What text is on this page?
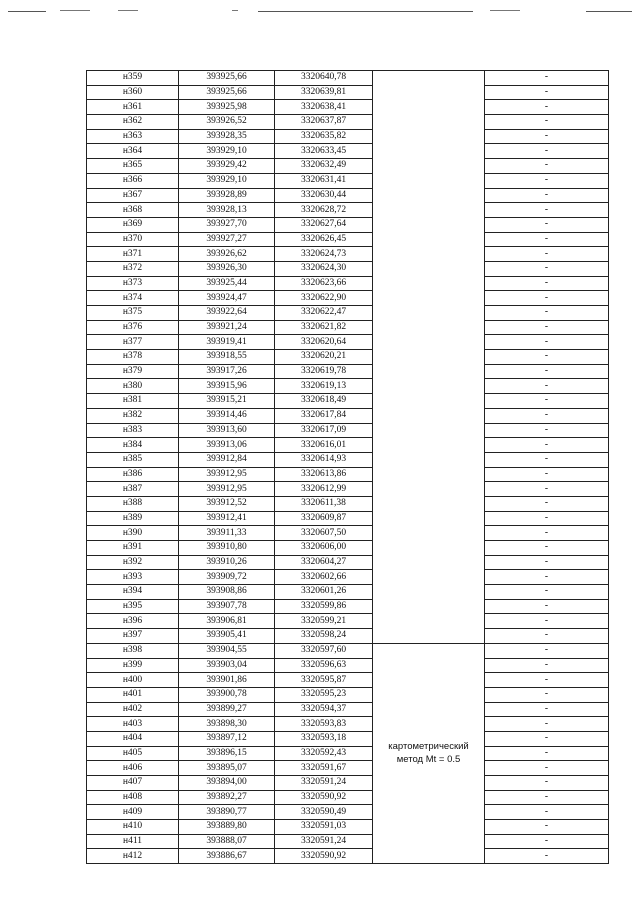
н359	393925,66	3320640,78		-
н360	393925,66	3320639,81		-
н361	393925,98	3320638,41		-
н362	393926,52	3320637,87		-
н363	393928,35	3320635,82		-
н364	393929,10	3320633,45		-
н365	393929,42	3320632,49		-
н366	393929,10	3320631,41		-
н367	393928,89	3320630,44		-
н368	393928,13	3320628,72		-
н369	393927,70	3320627,64		-
н370	393927,27	3320626,45		-
н371	393926,62	3320624,73		-
н372	393926,30	3320624,30		-
н373	393925,44	3320623,66		-
н374	393924,47	3320622,90		-
н375	393922,64	3320622,47		-
н376	393921,24	3320621,82		-
н377	393919,41	3320620,64		-
н378	393918,55	3320620,21		-
н379	393917,26	3320619,78		-
н380	393915,96	3320619,13		-
н381	393915,21	3320618,49		-
н382	393914,46	3320617,84		-
н383	393913,60	3320617,09		-
н384	393913,06	3320616,01		-
н385	393912,84	3320614,93		-
н386	393912,95	3320613,86		-
н387	393912,95	3320612,99		-
н388	393912,52	3320611,38		-
н389	393912,41	3320609,87		-
н390	393911,33	3320607,50		-
н391	393910,80	3320606,00		-
н392	393910,26	3320604,27		-
н393	393909,72	3320602,66		-
н394	393908,86	3320601,26		-
н395	393907,78	3320599,86		-
н396	393906,81	3320599,21		-
н397	393905,41	3320598,24		-
н398	393904,55	3320597,60	картометрический
метод Mt = 0.5	-
н399	393903,04	3320596,63		-
н400	393901,86	3320595,87		-
н401	393900,78	3320595,23		-
н402	393899,27	3320594,37		-
н403	393898,30	3320593,83		-
н404	393897,12	3320593,18		-
н405	393896,15	3320592,43		-
н406	393895,07	3320591,67		-
н407	393894,00	3320591,24		-
н408	393892,27	3320590,92		-
н409	393890,77	3320590,49		-
н410	393889,80	3320591,03		-
н411	393888,07	3320591,24		-
н412	393886,67	3320590,92		-
